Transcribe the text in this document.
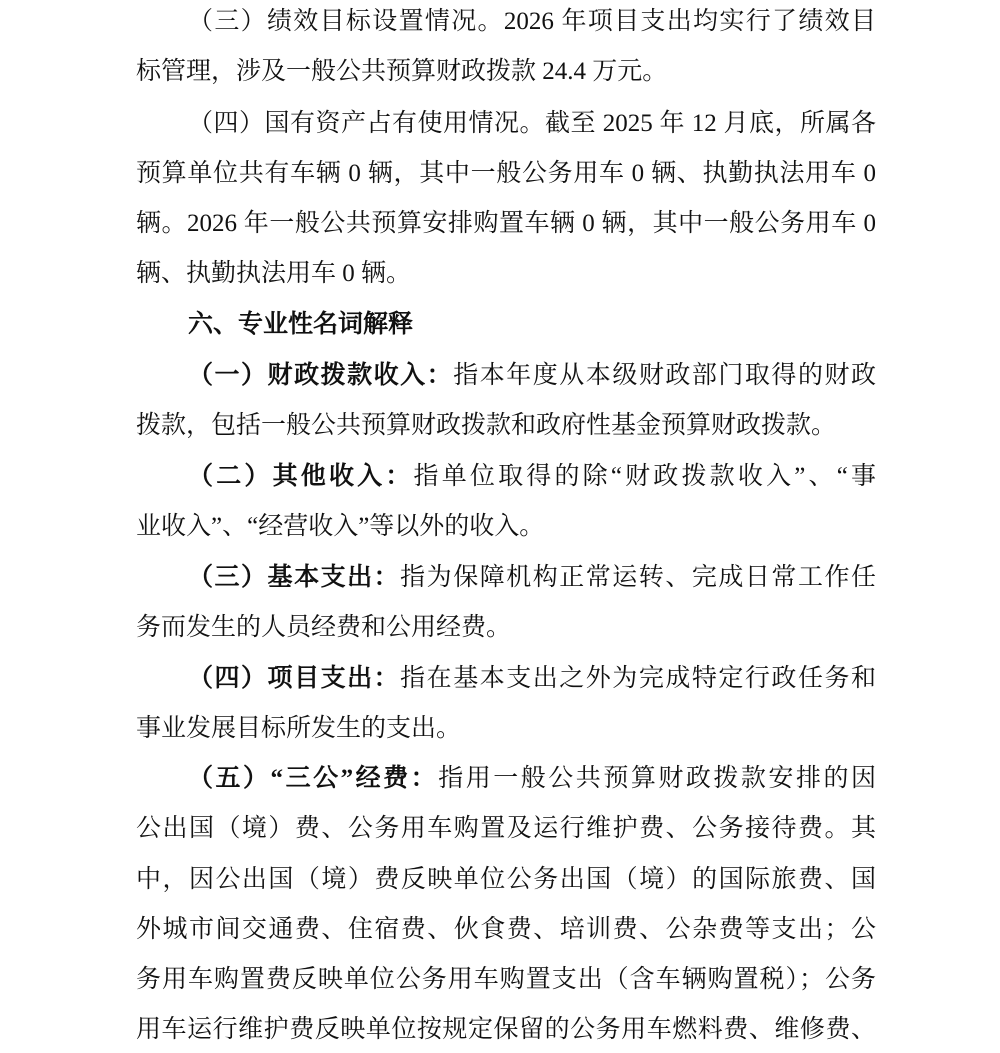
（三）绩效目标设置情况。2026 年项目支出均实行了绩效目
标管理，涉及一般公共预算财政拨款 24.4 万元。
（四）国有资产占有使用情况。截至 2025 年 12 月底，所属各
预算单位共有车辆 0 辆，其中一般公务用车 0 辆、执勤执法用车 0
辆。2026 年一般公共预算安排购置车辆 0 辆，其中一般公务用车 0
辆、执勤执法用车 0 辆。
六、专业性名词解释
（一）财政拨款收入：指本年度从本级财政部门取得的财政
拨款，包括一般公共预算财政拨款和政府性基金预算财政拨款。
（二）其他收入：指单位取得的除“财政拨款收入”、“事
业收入”、“经营收入”等以外的收入。
（三）基本支出：指为保障机构正常运转、完成日常工作任
务而发生的人员经费和公用经费。
（四）项目支出：指在基本支出之外为完成特定行政任务和
事业发展目标所发生的支出。
（五）“三公”经费：指用一般公共预算财政拨款安排的因
公出国（境）费、公务用车购置及运行维护费、公务接待费。其
中，因公出国（境）费反映单位公务出国（境）的国际旅费、国
外城市间交通费、住宿费、伙食费、培训费、公杂费等支出；公
务用车购置费反映单位公务用车购置支出（含车辆购置税）；公务
用车运行维护费反映单位按规定保留的公务用车燃料费、维修费、
